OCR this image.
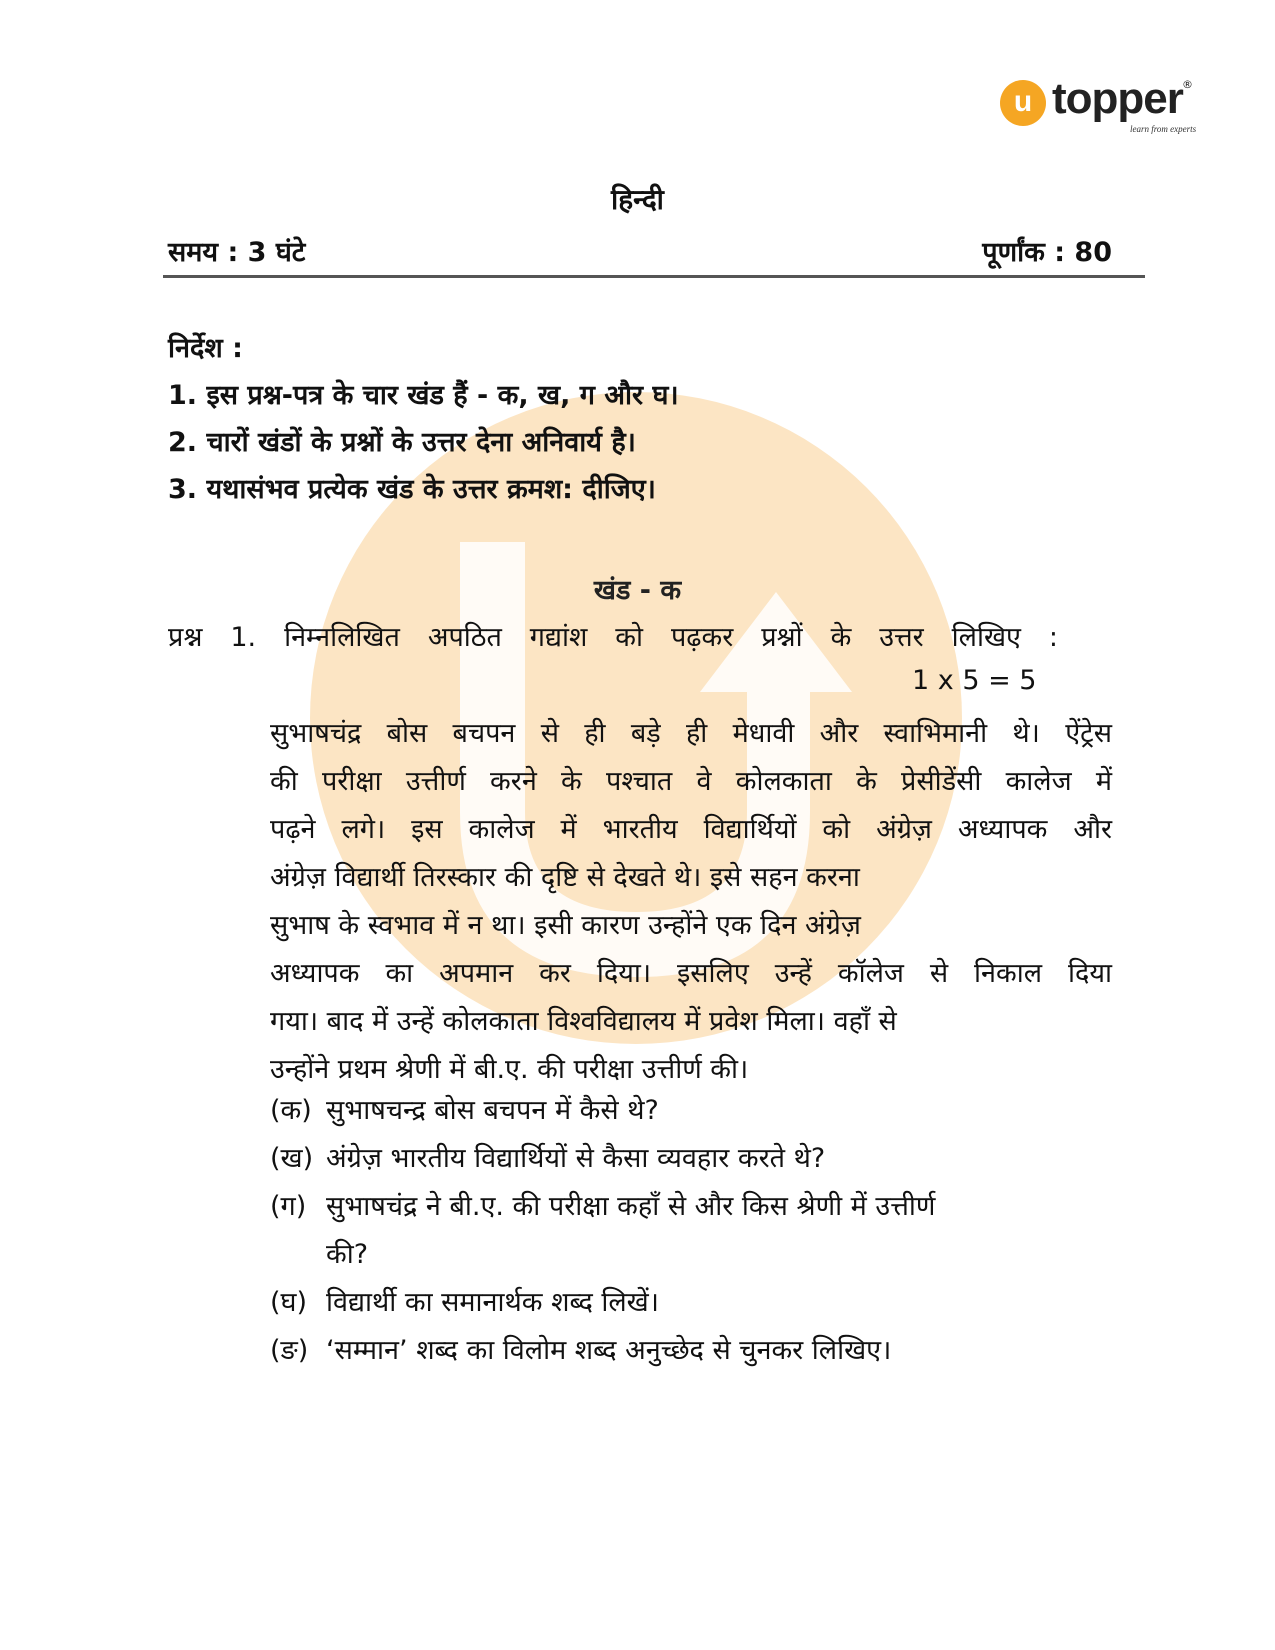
u topper ®
learn from experts
हिन्दी
समय : 3 घंटे	पूर्णांक : 80
निर्देश :
1. इस प्रश्न-पत्र के चार खंड हैं - क, ख, ग और घ।
2. चारों खंडों के प्रश्नों के उत्तर देना अनिवार्य है।
3. यथासंभव प्रत्येक खंड के उत्तर क्रमश: दीजिए।
खंड - क
प्रश्न 1. निम्नलिखित अपठित गद्यांश को पढ़कर प्रश्नों के उत्तर लिखिए :
1 x 5 = 5
सुभाषचंद्र बोस बचपन से ही बड़े ही मेधावी और स्वाभिमानी थे। ऐंट्रेस
की परीक्षा उत्तीर्ण करने के पश्चात वे कोलकाता के प्रेसीडेंसी कालेज में
पढ़ने लगे। इस कालेज में भारतीय विद्यार्थियों को अंग्रेज़ अध्यापक और
अंग्रेज़ विद्यार्थी तिरस्कार की दृष्टि से देखते थे। इसे सहन करना
सुभाष के स्वभाव में न था। इसी कारण उन्होंने एक दिन अंग्रेज़
अध्यापक का अपमान कर दिया। इसलिए उन्हें कॉलेज से निकाल दिया
गया। बाद में उन्हें कोलकाता विश्वविद्यालय में प्रवेश मिला। वहाँ से
उन्होंने प्रथम श्रेणी में बी.ए. की परीक्षा उत्तीर्ण की।
(क) सुभाषचन्द्र बोस बचपन में कैसे थे?
(ख) अंग्रेज़ भारतीय विद्यार्थियों से कैसा व्यवहार करते थे?
(ग) सुभाषचंद्र ने बी.ए. की परीक्षा कहाँ से और किस श्रेणी में उत्तीर्ण
की?
(घ) विद्यार्थी का समानार्थक शब्द लिखें।
(ङ) ‘सम्मान’ शब्द का विलोम शब्द अनुच्छेद से चुनकर लिखिए।
